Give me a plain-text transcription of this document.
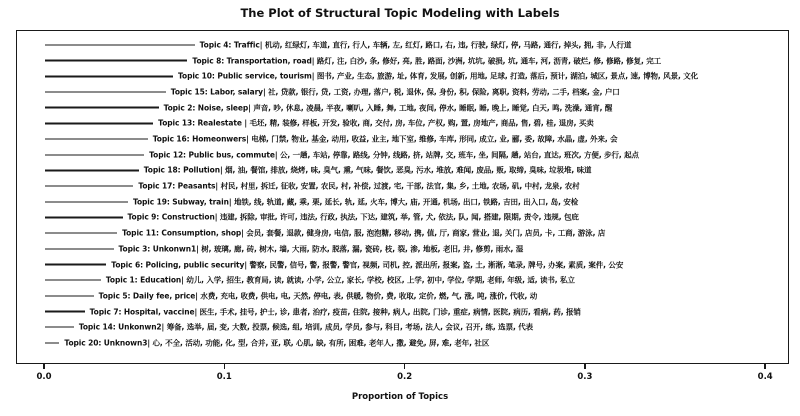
The Plot of Structural Topic Modeling with Labels
Topic 4: Traffic| 机动, 红绿灯, 车道, 直行, 行人, 车辆, 左, 红灯, 路口, 右, 违, 行驶, 绿灯, 停, 马路, 通行, 掉头, 拥, 非, 人行道
Topic 8: Transportation, road| 路灯, 注, 白沙, 条, 修好, 亮, 胜, 路面, 沙洲, 坑坑, 破损, 坑, 通车, 河, 沥青, 破烂, 修, 修路, 修复, 完工
Topic 10: Public service, tourism| 图书, 产业, 生态, 旅游, 址, 体育, 发展, 创新, 用地, 足球, 打造, 落后, 预计, 湖泊, 城区, 景点, 速, 博物, 风景, 文化
Topic 15: Labor, salary| 社, 贷款, 银行, 贷, 工资, 办理, 落户, 税, 退休, 保, 身份, 积, 保险, 离职, 资料, 劳动, 二手, 档案, 金, 户口
Topic 2: Noise, sleep| 声音, 吵, 休息, 凌晨, 半夜, 喇叭, 入睡, 舞, 工地, 夜间, 停水, 睡眠, 睡, 晚上, 睡觉, 白天, 鸣, 洗澡, 通宵, 醒
Topic 13: Realestate | 毛坯, 精, 装修, 样板, 开发, 验收, 商, 交付, 房, 车位, 产权, 购, 置, 房地产, 商品, 售, 碧, 桂, 退房, 买卖
Topic 16: Homeonwers| 电梯, 门禁, 物业, 基金, 动用, 收益, 业主, 地下室, 维修, 车库, 形同, 成立, 业, 郦, 委, 故障, 水晶, 虚, 外来, 会
Topic 12: Public bus, commute| 公, 一趟, 车站, 停靠, 路线, 分钟, 线路, 挤, 站牌, 交, 班车, 坐, 间隔, 趟, 站台, 直达, 班次, 方便, 步行, 起点
Topic 18: Pollution| 烟, 油, 餐馆, 排放, 烧烤, 味, 臭气, 熏, 气味, 餐饮, 恶臭, 污水, 堆放, 难闻, 废品, 贩, 取缔, 臭味, 垃圾堆, 味道
Topic 17: Peasants| 村民, 村里, 拆迁, 征收, 安置, 农民, 村, 补偿, 过渡, 宅, 干部, 法官, 集, 乡, 土地, 农场, 矶, 中村, 龙泉, 农村
Topic 19: Subway, train| 地铁, 线, 轨道, 藏, 乘, 栗, 延长, 轨, 延, 火车, 博大, 庙, 开通, 机场, 出口, 铁路, 吉田, 出入口, 岛, 安检
Topic 9: Construction| 违建, 拆除, 审批, 许可, 违法, 行政, 执法, 下达, 建筑, 举, 管, 犬, 依法, 队, 闻, 搭建, 限期, 责令, 违规, 包庇
Topic 11: Consumption, shop| 会员, 套餐, 退款, 健身房, 电信, 服, 泡泡糖, 移动, 携, 值, 厅, 商家, 营业, 退, 关门, 店员, 卡, 工商, 游泳, 店
Topic 3: Unkonwn1| 树, 玻璃, 廊, 砖, 树木, 墙, 大雨, 防水, 脱落, 漏, 瓷砖, 枝, 裂, 渗, 地板, 老旧, 井, 修剪, 雨水, 湿
Topic 6: Policing, public security| 警察, 民警, 信号, 警, 报警, 警官, 视频, 司机, 控, 派出所, 报案, 盗, 土, 淅淅, 笔录, 牌号, 办案, 素质, 案件, 公安
Topic 1: Education| 幼儿, 入学, 招生, 教育局, 读, 就读, 小学, 公立, 家长, 学校, 校区, 上学, 初中, 学位, 学期, 老师, 年级, 适, 读书, 私立
Topic 5: Daily fee, price| 水费, 充电, 收费, 供电, 电, 天然, 停电, 表, 供暖, 物价, 费, 收取, 定价, 燃, 气, 涨, 吨, 涨价, 代收, 动
Topic 7: Hospital, vaccine| 医生, 手术, 挂号, 护士, 诊, 患者, 治疗, 疫苗, 住院, 接种, 病人, 出院, 门诊, 重症, 病情, 医院, 病历, 看病, 药, 报销
Topic 14: Unkonwn2| 筹备, 选举, 届, 变, 大数, 投票, 候选, 组, 培训, 成员, 学员, 参与, 科目, 考场, 法人, 会议, 召开, 练, 选票, 代表
Topic 20: Unknown3| 心, 不全, 活动, 功能, 化, 型, 合并, 亚, 联, 心肌, 缺, 有所, 困难, 老年人, 撒, 避免, 屏, 难, 老年, 社区
0.0	0.1	0.2	0.3	0.4
Proportion of Topics
